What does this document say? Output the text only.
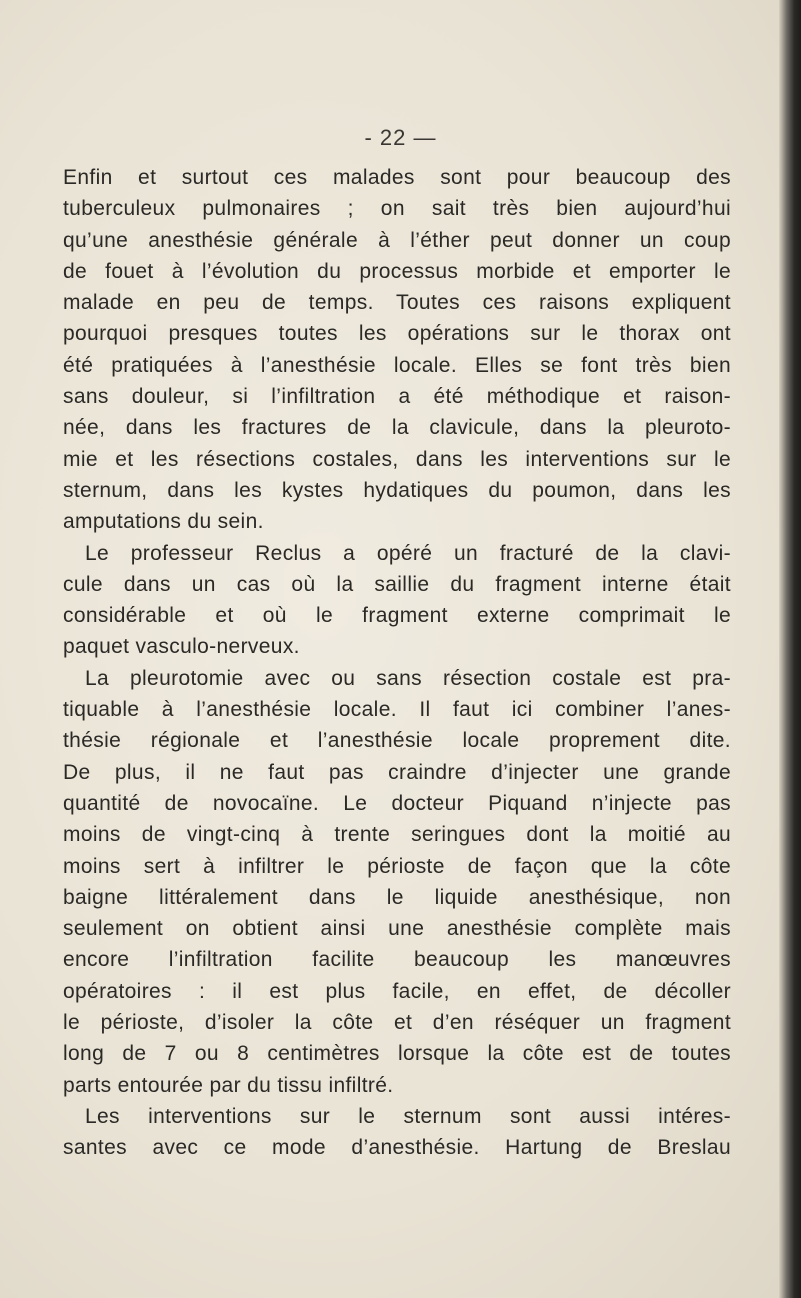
- 22 —
Enfin et surtout ces malades sont pour beaucoup des
tuberculeux pulmonaires ; on sait très bien aujourd’hui
qu’une anesthésie générale à l’éther peut donner un coup
de fouet à l’évolution du processus morbide et emporter le
malade en peu de temps. Toutes ces raisons expliquent
pourquoi presques toutes les opérations sur le thorax ont
été pratiquées à l’anesthésie locale. Elles se font très bien
sans douleur, si l’infiltration a été méthodique et raison-
née, dans les fractures de la clavicule, dans la pleuroto-
mie et les résections costales, dans les interventions sur le
sternum, dans les kystes hydatiques du poumon, dans les
amputations du sein.
Le professeur Reclus a opéré un fracturé de la clavi-
cule dans un cas où la saillie du fragment interne était
considérable et où le fragment externe comprimait le
paquet vasculo-nerveux.
La pleurotomie avec ou sans résection costale est pra-
tiquable à l’anesthésie locale. Il faut ici combiner l’anes-
thésie régionale et l’anesthésie locale proprement dite.
De plus, il ne faut pas craindre d’injecter une grande
quantité de novocaïne. Le docteur Piquand n’injecte pas
moins de vingt-cinq à trente seringues dont la moitié au
moins sert à infiltrer le périoste de façon que la côte
baigne littéralement dans le liquide anesthésique, non
seulement on obtient ainsi une anesthésie complète mais
encore l’infiltration facilite beaucoup les manœuvres
opératoires : il est plus facile, en effet, de décoller
le périoste, d’isoler la côte et d’en réséquer un fragment
long de 7 ou 8 centimètres lorsque la côte est de toutes
parts entourée par du tissu infiltré.
Les interventions sur le sternum sont aussi intéres-
santes avec ce mode d’anesthésie. Hartung de Breslau
